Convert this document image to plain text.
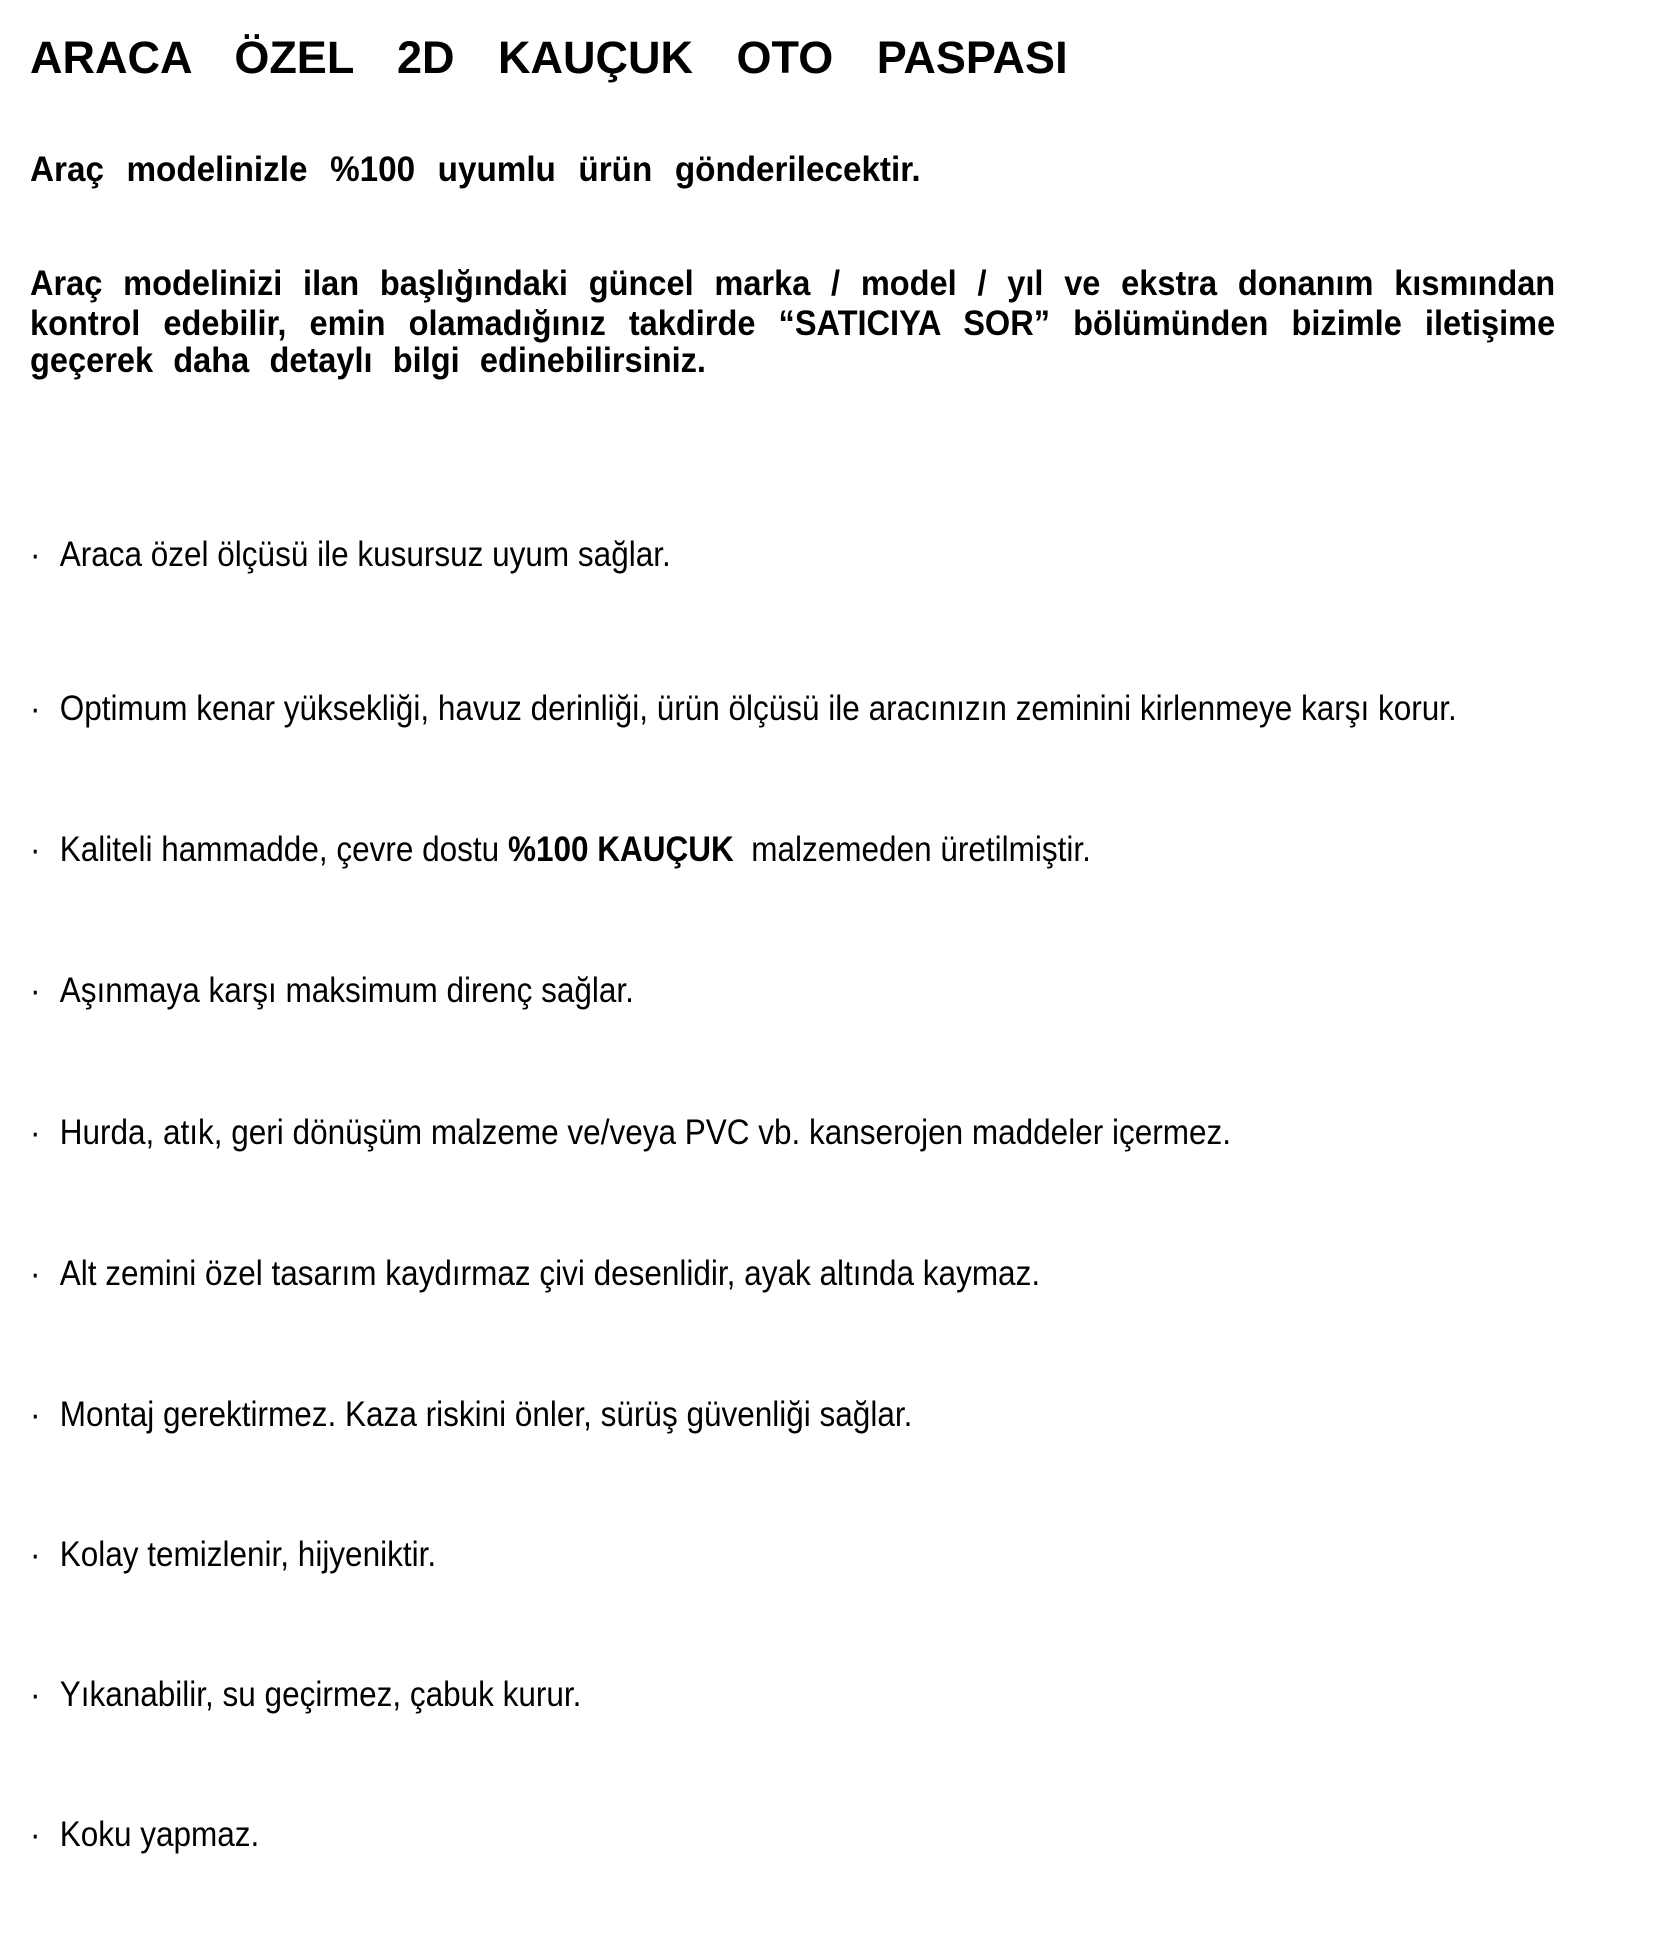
ARACA ÖZEL 2D KAUÇUK OTO PASPASI
Araç modelinizle %100 uyumlu ürün gönderilecektir.
Araç modelinizi ilan başlığındaki güncel marka / model / yıl ve ekstra donanım kısmından
kontrol edebilir, emin olamadığınız takdirde “SATICIYA SOR” bölümünden bizimle iletişime
geçerek daha detaylı bilgi edinebilirsiniz.
· Araca özel ölçüsü ile kusursuz uyum sağlar.
· Optimum kenar yüksekliği, havuz derinliği, ürün ölçüsü ile aracınızın zeminini kirlenmeye karşı korur.
· Kaliteli hammadde, çevre dostu %100 KAUÇUK  malzemeden üretilmiştir.
· Aşınmaya karşı maksimum direnç sağlar.
· Hurda, atık, geri dönüşüm malzeme ve/veya PVC vb. kanserojen maddeler içermez.
· Alt zemini özel tasarım kaydırmaz çivi desenlidir, ayak altında kaymaz.
· Montaj gerektirmez. Kaza riskini önler, sürüş güvenliği sağlar.
· Kolay temizlenir, hijyeniktir.
· Yıkanabilir, su geçirmez, çabuk kurur.
· Koku yapmaz.
